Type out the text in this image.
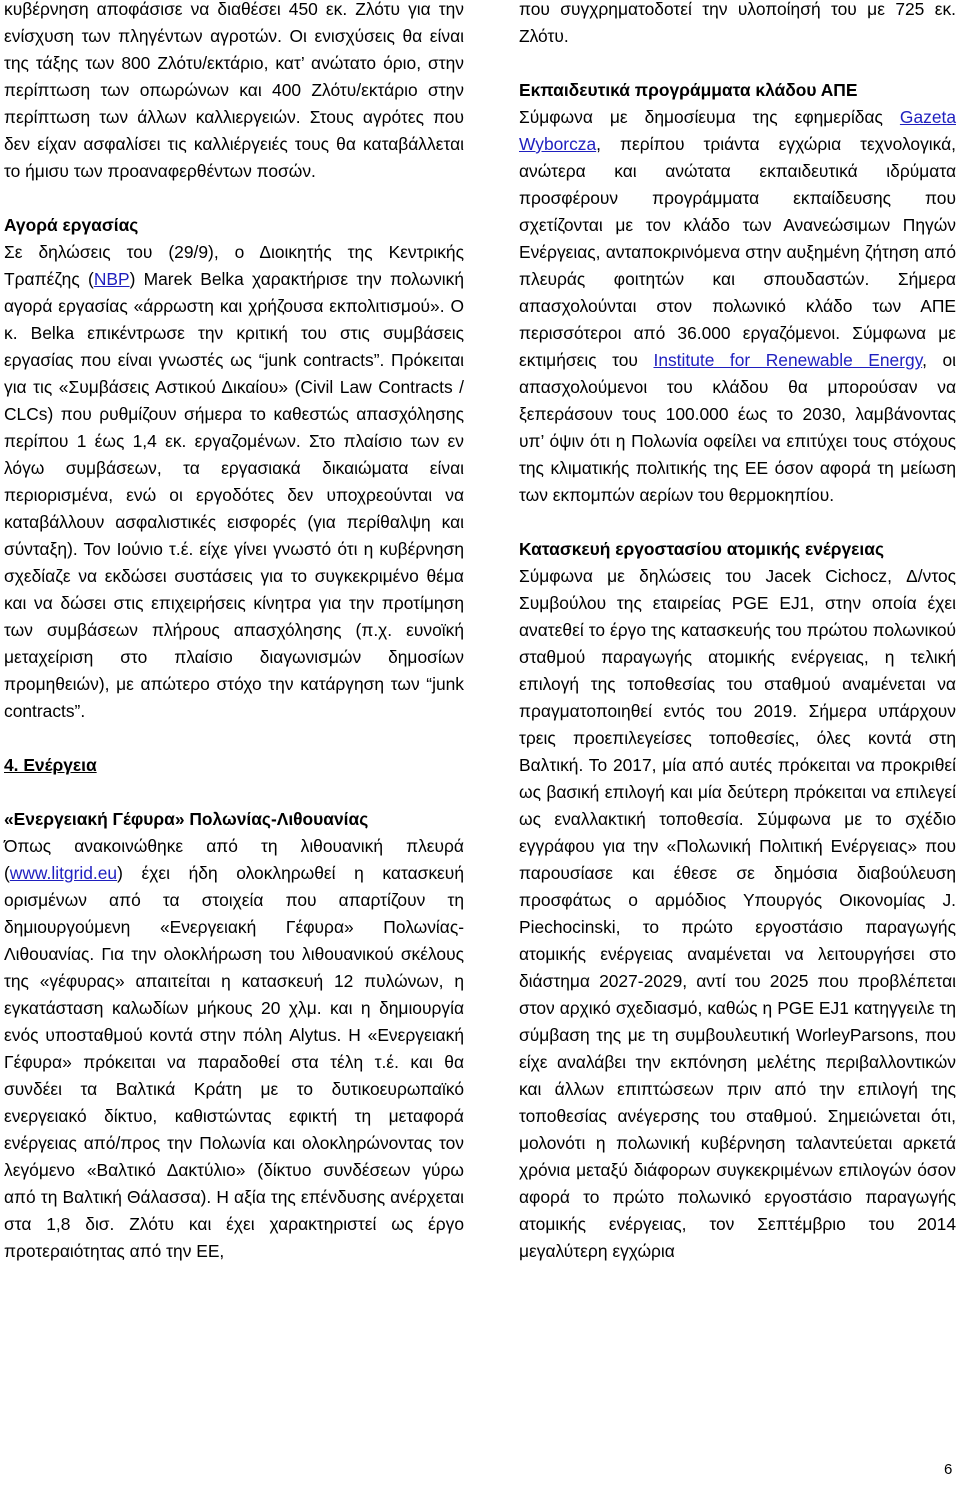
κυβέρνηση αποφάσισε να διαθέσει 450 εκ. Ζλότυ για την ενίσχυση των πληγέντων αγροτών. Οι ενισχύσεις θα είναι της τάξης των 800 Ζλότυ/εκτάριο, κατ’ ανώτατο όριο, στην περίπτωση των οπωρώνων και 400 Ζλότυ/εκτάριο στην περίπτωση των άλλων καλλιεργειών. Στους αγρότες που δεν είχαν ασφαλίσει τις καλλιέργειές τους θα καταβάλλεται το ήμισυ των προαναφερθέντων ποσών.

Αγορά εργασίας

Σε δηλώσεις του (29/9), ο Διοικητής της Κεντρικής Τραπέζης (NBP) Marek Belka χαρακτήρισε την πολωνική αγορά εργασίας «άρρωστη και χρήζουσα εκπολιτισμού». Ο κ. Belka επικέντρωσε την κριτική του στις συμβάσεις εργασίας που είναι γνωστές ως “junk contracts”. Πρόκειται για τις «Συμβάσεις Αστικού Δικαίου» (Civil Law Contracts / CLCs) που ρυθμίζουν σήμερα το καθεστώς απασχόλησης περίπου 1 έως 1,4 εκ. εργαζομένων. Στο πλαίσιο των εν λόγω συμβάσεων, τα εργασιακά δικαιώματα είναι περιορισμένα, ενώ οι εργοδότες δεν υποχρεούνται να καταβάλλουν ασφαλιστικές εισφορές (για περίθαλψη και σύνταξη). Τον Ιούνιο τ.έ. είχε γίνει γνωστό ότι η κυβέρνηση σχεδίαζε να εκδώσει συστάσεις για το συγκεκριμένο θέμα και να δώσει στις επιχειρήσεις κίνητρα για την προτίμηση των συμβάσεων πλήρους απασχόλησης (π.χ. ευνοϊκή μεταχείριση στο πλαίσιο διαγωνισμών δημοσίων προμηθειών), με απώτερο στόχο την κατάργηση των “junk contracts”.

4. Ενέργεια

«Ενεργειακή Γέφυρα» Πολωνίας-Λιθουανίας

Όπως ανακοινώθηκε από τη λιθουανική πλευρά (www.litgrid.eu) έχει ήδη ολοκληρωθεί η κατασκευή ορισμένων από τα στοιχεία που απαρτίζουν τη δημιουργούμενη «Ενεργειακή Γέφυρα» Πολωνίας-Λιθουανίας. Για την ολοκλήρωση του λιθουανικού σκέλους της «γέφυρας» απαιτείται η κατασκευή 12 πυλώνων, η εγκατάσταση καλωδίων μήκους 20 χλμ. και η δημιουργία ενός υποσταθμού κοντά στην πόλη Alytus. Η «Ενεργειακή Γέφυρα» πρόκειται να παραδοθεί στα τέλη τ.έ. και θα συνδέει τα Βαλτικά Κράτη με το δυτικοευρωπαϊκό ενεργειακό δίκτυο, καθιστώντας εφικτή τη μεταφορά ενέργειας από/προς την Πολωνία και ολοκληρώνοντας τον λεγόμενο «Βαλτικό Δακτύλιο» (δίκτυο συνδέσεων γύρω από τη Βαλτική Θάλασσα). Η αξία της επένδυσης ανέρχεται στα 1,8 δισ. Ζλότυ και έχει χαρακτηριστεί ως έργο προτεραιότητας από την ΕΕ,

που συγχρηματοδοτεί την υλοποίησή του με 725 εκ. Ζλότυ.

Εκπαιδευτικά προγράμματα κλάδου ΑΠΕ

Σύμφωνα με δημοσίευμα της εφημερίδας Gazeta Wyborcza, περίπου τριάντα εγχώρια τεχνολογικά, ανώτερα και ανώτατα εκπαιδευτικά ιδρύματα προσφέρουν προγράμματα εκπαίδευσης που σχετίζονται με τον κλάδο των Ανανεώσιμων Πηγών Ενέργειας, ανταποκρινόμενα στην αυξημένη ζήτηση από πλευράς φοιτητών και σπουδαστών. Σήμερα απασχολούνται στον πολωνικό κλάδο των ΑΠΕ περισσότεροι από 36.000 εργαζόμενοι. Σύμφωνα με εκτιμήσεις του Institute for Renewable Energy, οι απασχολούμενοι του κλάδου θα μπορούσαν να ξεπεράσουν τους 100.000 έως το 2030, λαμβάνοντας υπ’ όψιν ότι η Πολωνία οφείλει να επιτύχει τους στόχους της κλιματικής πολιτικής της ΕΕ όσον αφορά τη μείωση των εκπομπών αερίων του θερμοκηπίου.

Κατασκευή εργοστασίου ατομικής ενέργειας

Σύμφωνα με δηλώσεις του Jacek Cichocz, Δ/ντος Συμβούλου της εταιρείας PGE EJ1, στην οποία έχει ανατεθεί το έργο της κατασκευής του πρώτου πολωνικού σταθμού παραγωγής ατομικής ενέργειας, η τελική επιλογή της τοποθεσίας του σταθμού αναμένεται να πραγματοποιηθεί εντός του 2019. Σήμερα υπάρχουν τρεις προεπιλεγείσες τοποθεσίες, όλες κοντά στη Βαλτική. Το 2017, μία από αυτές πρόκειται να προκριθεί ως βασική επιλογή και μία δεύτερη πρόκειται να επιλεγεί ως εναλλακτική τοποθεσία. Σύμφωνα με το σχέδιο εγγράφου για την «Πολωνική Πολιτική Ενέργειας» που παρουσίασε και έθεσε σε δημόσια διαβούλευση προσφάτως ο αρμόδιος Υπουργός Οικονομίας J. Piechocinski, το πρώτο εργοστάσιο παραγωγής ατομικής ενέργειας αναμένεται να λειτουργήσει στο διάστημα 2027-2029, αντί του 2025 που προβλέπεται στον αρχικό σχεδιασμό, καθώς η PGE EJ1 κατηγγειλε τη σύμβαση της με τη συμβουλευτική WorleyParsons, που είχε αναλάβει την εκπόνηση μελέτης περιβαλλοντικών και άλλων επιπτώσεων πριν από την επιλογή της τοποθεσίας ανέγερσης του σταθμού. Σημειώνεται ότι, μολονότι η πολωνική κυβέρνηση ταλαντεύεται αρκετά χρόνια μεταξύ διάφορων συγκεκριμένων επιλογών όσον αφορά το πρώτο πολωνικό εργοστάσιο παραγωγής ατομικής ενέργειας, τον Σεπτέμβριο του 2014 μεγαλύτερη εγχώρια

6
